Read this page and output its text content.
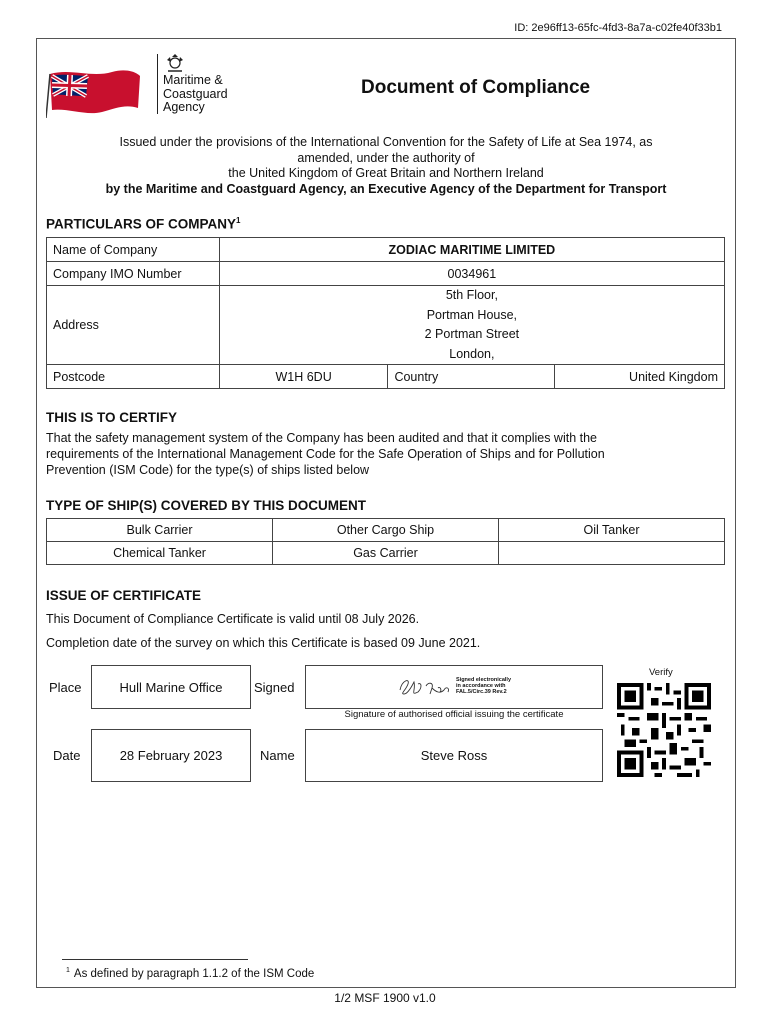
ID: 2e96ff13-65fc-4fd3-8a7a-c02fe40f33b1
Maritime &
Coastguard
Agency
Document of Compliance
Issued under the provisions of the International Convention for the Safety of Life at Sea 1974, as
amended, under the authority of
the United Kingdom of Great Britain and Northern Ireland
by the Maritime and Coastguard Agency, an Executive Agency of the Department for Transport
PARTICULARS OF COMPANY$^1$
Name of Company	ZODIAC MARITIME LIMITED		
Company IMO Number	0034961		
Address	5th Floor,
Portman House,
2 Portman Street
London,		

Postcode	W1H 6DU	Country	United Kingdom
THIS IS TO CERTIFY
That the safety management system of the Company has been audited and that it complies with the
requirements of the International Management Code for the Safe Operation of Ships and for Pollution
Prevention (ISM Code) for the type(s) of ships listed below
TYPE OF SHIP(S) COVERED BY THIS DOCUMENT
Bulk Carrier	Other Cargo Ship	Oil Tanker
Chemical Tanker	Gas Carrier	
ISSUE OF CERTIFICATE
This Document of Compliance Certificate is valid until 08 July 2026.
Completion date of the survey on which this Certificate is based 09 June 2021.
Place	Hull Marine Office	Signed	Signed electronically
in accordance with
FAL.5/Circ.39 Rev.2
Signature of authorised official issuing the certificate
Date	28 February 2023	Name	Steve Ross
Verify
$^1$ As defined by paragraph 1.1.2 of the ISM Code
1/2 MSF 1900 v1.0
